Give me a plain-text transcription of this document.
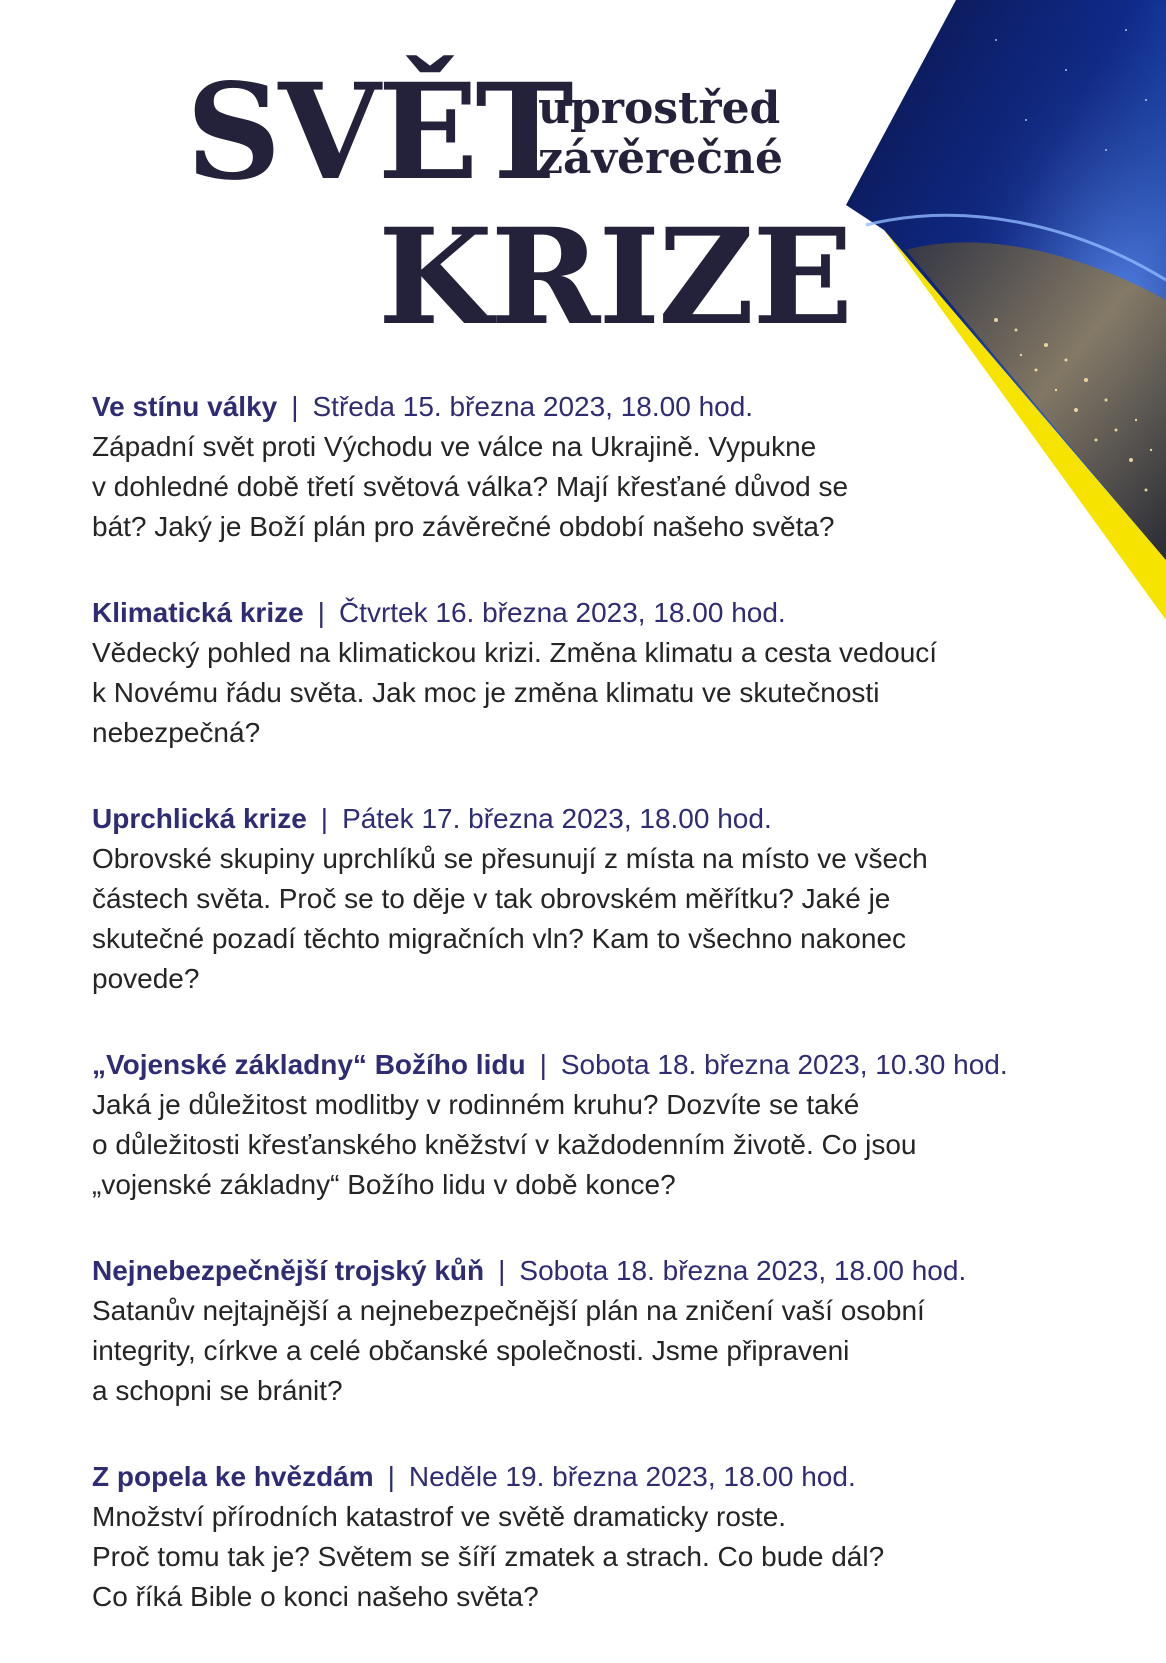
SVĚT
uprostřed
závěrečné
KRIZE
Ve stínu války | Středa 15. března 2023, 18.00 hod.
Západní svět proti Východu ve válce na Ukrajině. Vypukne
v dohledné době třetí světová válka? Mají křesťané důvod se
bát? Jaký je Boží plán pro závěrečné období našeho světa?
Klimatická krize | Čtvrtek 16. března 2023, 18.00 hod.
Vědecký pohled na klimatickou krizi. Změna klimatu a cesta vedoucí
k Novému řádu světa. Jak moc je změna klimatu ve skutečnosti
nebezpečná?
Uprchlická krize | Pátek 17. března 2023, 18.00 hod.
Obrovské skupiny uprchlíků se přesunují z místa na místo ve všech
částech světa. Proč se to děje v tak obrovském měřítku? Jaké je
skutečné pozadí těchto migračních vln? Kam to všechno nakonec
povede?
„Vojenské základny“ Božího lidu | Sobota 18. března 2023, 10.30 hod.
Jaká je důležitost modlitby v rodinném kruhu? Dozvíte se také
o důležitosti křesťanského kněžství v každodenním životě. Co jsou
„vojenské základny“ Božího lidu v době konce?
Nejnebezpečnější trojský kůň | Sobota 18. března 2023, 18.00 hod.
Satanův nejtajnější a nejnebezpečnější plán na zničení vaší osobní
integrity, církve a celé občanské společnosti. Jsme připraveni
a schopni se bránit?
Z popela ke hvězdám | Neděle 19. března 2023, 18.00 hod.
Množství přírodních katastrof ve světě dramaticky roste.
Proč tomu tak je? Světem se šíří zmatek a strach. Co bude dál?
Co říká Bible o konci našeho světa?
